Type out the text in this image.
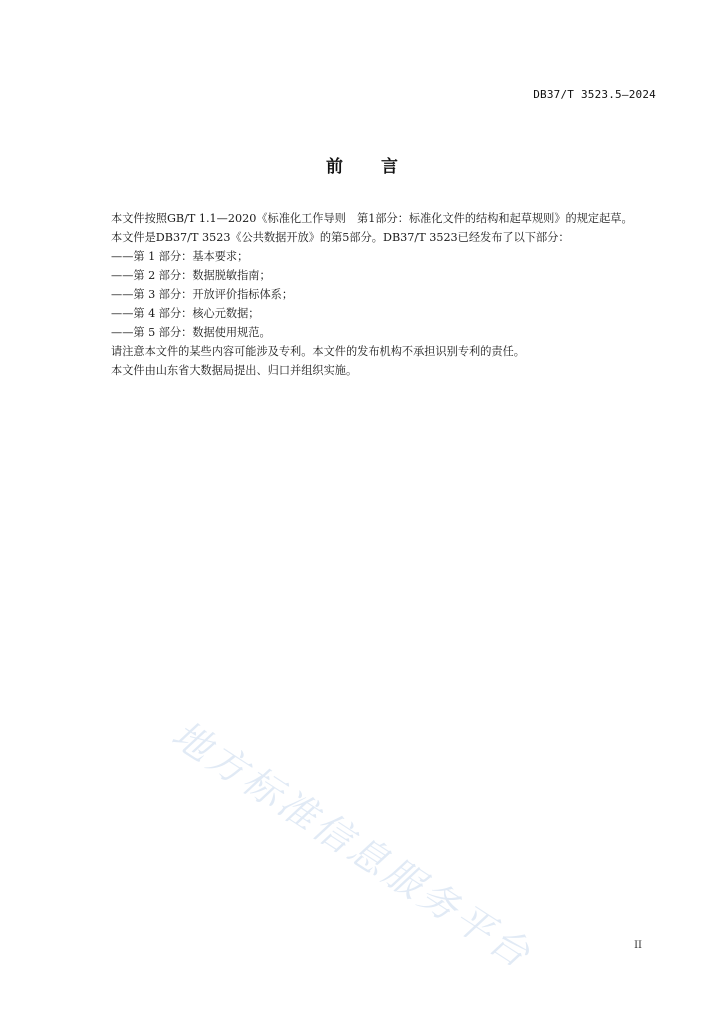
DB37/T 3523.5—2024
前言

本文件按照GB/T 1.1—2020《标准化工作导则　第1部分：标准化文件的结构和起草规则》的规定起草。

本文件是DB37/T 3523《公共数据开放》的第5部分。DB37/T 3523已经发布了以下部分：

——第 1 部分：基本要求；

——第 2 部分：数据脱敏指南；

——第 3 部分：开放评价指标体系；

——第 4 部分：核心元数据；

——第 5 部分：数据使用规范。

请注意本文件的某些内容可能涉及专利。本文件的发布机构不承担识别专利的责任。

本文件由山东省大数据局提出、归口并组织实施。

地方标准信息服务平台	II
